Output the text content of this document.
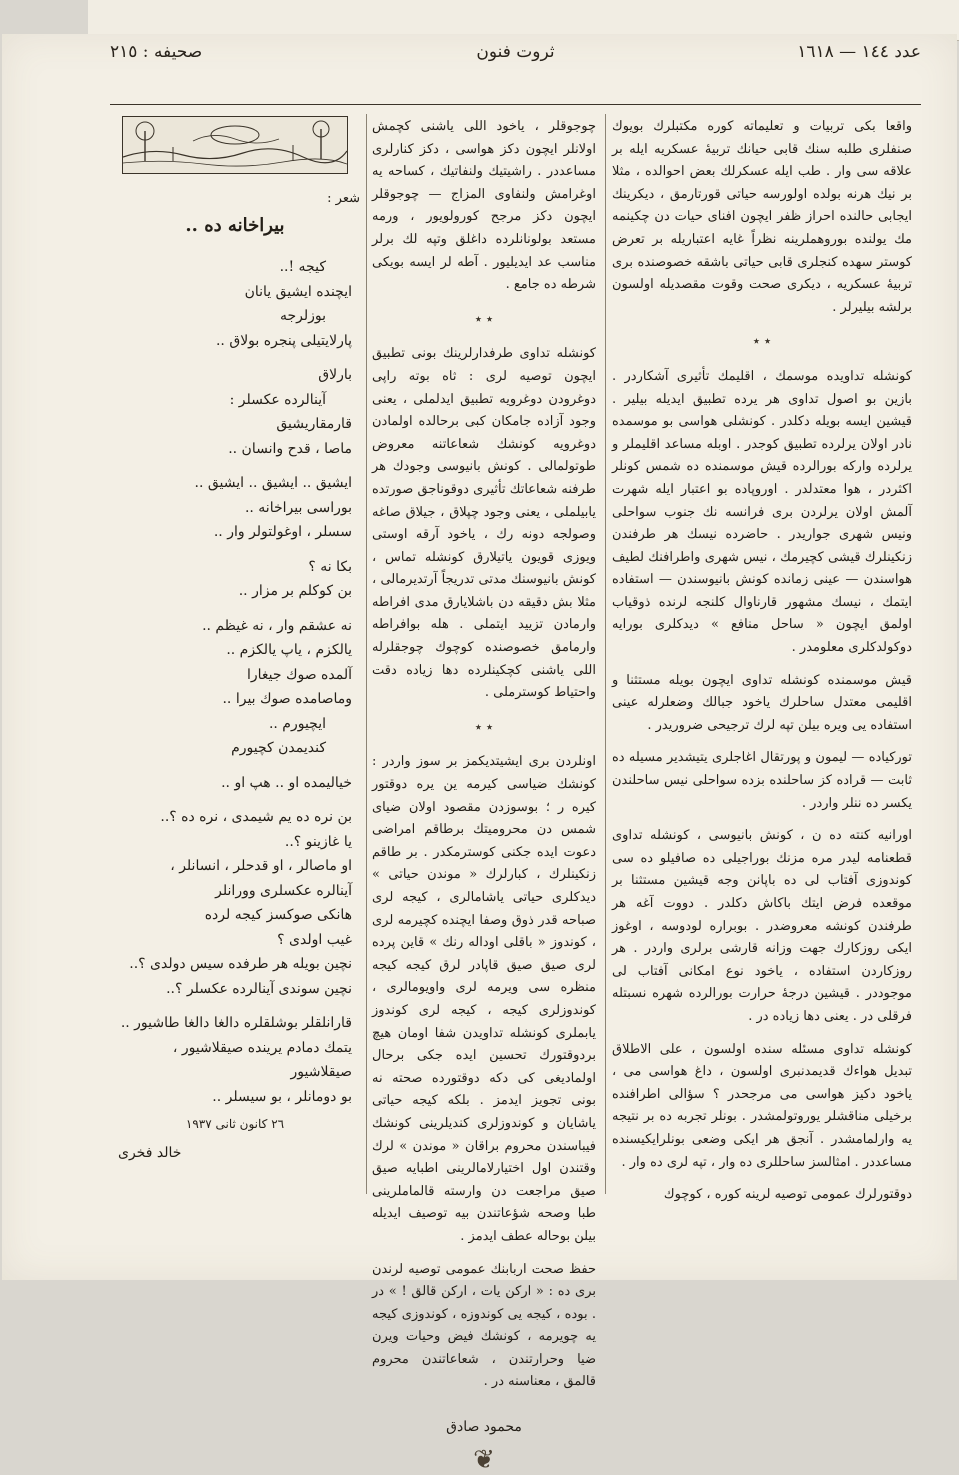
عدد ١٤٤ — ١٦١٨
ثروت فنون
صحيفه : ٢١٥

واقعا بكى تربيات و تعليماته كوره مكتبلرك بويوك صنفلرى طلبه سنك قابى حيانك تربيهٔ عسكريه ايله بر علاقه سى وار . طب ايله عسكرلك بعض احوالده ، مثلا بر نيك هرنه بولده اولورسه حياتى قورتارمق ، ديكرينك ايجابى حالنده احراز ظفر ايچون افناى حيات دن چكينمه مك يولنده بوروهملرينه نظراً غايه اعتباريله بر تعرض كوستر سهده كنجلرى قابى حياتى باشقه خصوصنده برى تربيهٔ عسكريه ، ديكرى صحت وقوت مقصديله اولسون برلشه بيليرلر .

٭ ٭

كونشله تداويده موسمك ، اقليمك تأثيرى آشكاردر . بازين بو اصول تداوى هر يرده تطبيق ايديله بيلير . قيشين ايسه بويله دكلدر . كونشلى هواسى بو موسمده نادر اولان يرلرده تطبيق كوجدر . اوبله مساعد اقليملر و يرلرده واركه بورالرده قيش موسمنده ده شمس كونلر اكثردر ، هوا معتدلدر . اوروپاده بو اعتبار ايله شهرت آلمش اولان يرلردن برى فرانسه نك جنوب سواحلى ونيس شهرى جواريدر . حاضرده نيسك هر طرفندن زنكينلرك قيشى كچيرمك ، نيس شهرى واطرافنك لطيف هواسندن — عينى زمانده كونش بانيوسندن — استفاده ايتمك ، نيسك مشهور قارناوال كلنجه لرنده ذوقياب اولمق ايچون « ساحل منافع » ديدكلرى بورايه دوكولدكلرى معلومدر .

قيش موسمنده كونشله تداوى ايچون بويله مستثنا و اقليمى معتدل ساحلرك ياخود جبالك وضعلرله عينى استفاده يى ويره بيلن تپه لرك ترجيحى ضروريدر .

توركياده — ليمون و پورتقال اغاجلرى يتيشدير مسيله ده ثابت — قراده كز ساحلنده بزده سواحلى نيس ساحلندن يكسر ده ننلر واردر .

اورانيه كنته ده ن ، كونش بانيوسى ، كونشله تداوى قطعنامه ليدر مره مزنك بوراجيلى ده صافيلو ده سى كوندوزى آفتاب لى ده باپانن وجه قيشين مستثنا بر موقعده فرض ايتك باكاش دكلدر . دووت آغه هر طرفندن كونشه معروضدر . بوبراره لودوسه ، اوغوز ايكى روزكارك جهت وزانه قارشى برلرى واردر . هر روزكاردن استفاده ، ياخود نوع امكانى آفتاب لى موجوددر . قيشين درجهٔ حرارت بورالرده شهره نسبتله فرقلى در . يعنى دها زياده در .

كونشله تداوى مسئله سنده اولسون ، على الاطلاق تبديل هواءك قديمدنبرى اولسون ، داغ هواسى مى ، ياخود دكيز هواسى مى مرجحدر ؟ سؤالى اطرافنده برخيلى مناقشلر يوروتولمشدر . بونلر تجربه ده بر نتيجه يه وارلمامشدر . آنجق هر ايكى وضعى بونلرايكيسنده مساعددر . امثالسز ساحللرى ده وار ، تپه لرى ده وار .

دوقتورلرك عمومى توصيه لرينه كوره ، كوچوك

چوجوقلر ، ياخود اللى ياشنى كچمش اولانلر ايچون دكز هواسى ، دكز كنارلرى مساعددر . راشيتيك ولنفاتيك ، كساحه يه اوغرامش ولنفاوى المزاج — چوجوقلر ايچون دكز مرجح كورولويور ، ورمه مستعد بولونانلرده داغلق وتپه لك برلر مناسب عد ايديليور . آطه لر ايسه بويكى شرطه ده جامع .

٭ ٭

كونشله تداوى طرفدارلرينك بونى تطبيق ايچون توصيه لرى : ثاه بوته راپى دوغرودن دوغرويه تطبيق ايدلملى ، يعنى وجود آزاده جامكان كبى برحالده اولمادن دوغرويه كونشك شعاعاتنه معروض طوتولمالى . كونش بانيوسى وجودك هر طرفنه شعاعاتك تأثيرى دوقوناجق صورتده يابيلملى ، يعنى وجود چپلاق ، جيلاق صاغه وصولجه دونه رك ، ياخود آرقه اوستى ويوزى قويون ياتيلارق كونشله تماس ، كونش بانيوسنك مدتى تدريجاً آرتديرمالى ، مثلا بش دقيقه دن باشلايارق مدى افراطه وارمادن تزييد ايتملى . هله بوافراطه وارمامق خصوصنده كوچوك چوجقلرله اللى ياشنى كچكينلرده دها زياده دقت واحتياط كوسترملى .

٭ ٭

اونلردن برى ايشيتديكمز بر سوز واردر : كونشك ضياسى كيرمه ين يره دوقتور كيره ر ؛ بوسوزدن مقصود اولان ضياى شمس دن محروميتك برطاقم امراضى دعوت ايده جكنى كوسترمكدر . بر طاقم زنكينلرك ، كبارلرك « موندن حياتى » ديدكلرى حياتى ياشامالرى ، كيجه لرى صباحه قدر ذوق وصفا ايچنده كچيرمه لرى ، كوندوز « باقلى اوداله رنك » قاين پرده لرى صيق صيق قاپادر لرق كيجه كيجه منظره سى ويرمه لرى واويومالرى ، كوندوزلرى كيجه ، كيجه لرى كوندوز يابملرى كونشله تداويدن شفا اومان هيچ بردوقتورك تحسين ايده جكى برحال اولماديغى كى دكه دوقتورده صحته نه بونى تجويز ايدمز . بلكه كيجه حياتى ياشايان و كوندوزلرى كنديلرينى كونشك فيباسندن محروم براقان « موندن » لرك وقتندن اول اختيارلامالرينى اطبايه صيق صيق مراجعت دن وارسته قالماملرينى طبا وصحه شؤعاتندن بيه توصيف ايديله بيلن بوحاله عطف ايدمز .

حفظ صحت اربابنك عمومى توصيه لرندن برى ده : « اركن يات ، اركن قالق ! » در . بوده ، كيجه يى كوندوزه ، كوندوزى كيجه يه چويرمه ، كونشك فيض وحيات ويرن ضيا وحرارتندن ، شعاعاتندن محروم قالمق ، معناسنه در .

محمود صادق
❦
شعر :
بيراخانه ده ..
كيجه !..
ايچنده ايشيق يانان
بوزلرجه
پارلايتيلى پنجره بولاق ..
بارلاق
آينالرده عكسلر :
قارمقاريشيق
ماصا ، قدح وانسان ..
ايشيق .. ايشيق .. ايشيق ..
بوراسى بيراخانه ..
سسلر ، اوغولتولر وار ..
بكا نه ؟
بن كوكلم بر مزار ..
نه عشقم وار ، نه غيظم ..
يالكزم ، ياپ يالكزم ..
آلمده صوك جيغارا
وماصامده صوك بيرا ..
ايچيورم ..
كنديمدن كچيورم
خياليمده او .. هپ او ..
بن نره ده يم شيمدى ، نره ده ؟..
يا غازينو ؟..
او ماصالر ، او قدحلر ، انسانلر ،
آينالره عكسلرى وورانلر
هانكى صوكسز كيجه لرده
غيب اولدى ؟
نچين بويله هر طرفده سيس دولدى ؟..
نچين سوندى آينالرده عكسلر ؟..
قارانلقلر بوشلقلره دالغا دالغا طاشيور ..
يتمك دمادم يرينده صيقلاشيور ، صيقلاشيور
بو دومانلر ، بو سيسلر ..
٢٦ كانون ثانى ١٩٣٧
خالد فخرى
